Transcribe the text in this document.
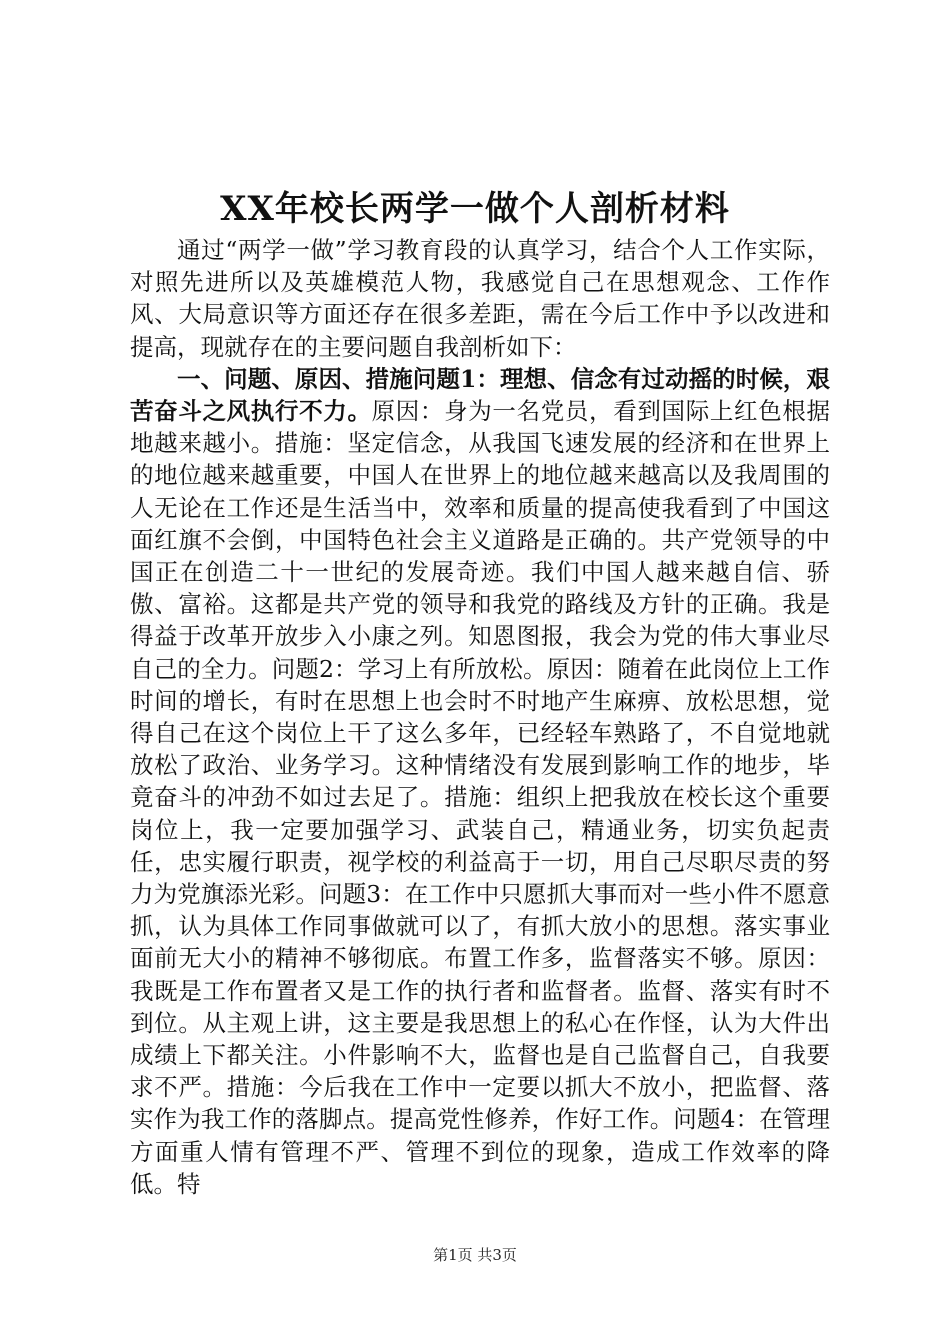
XX年校长两学一做个人剖析材料

通过“两学一做”学习教育段的认真学习，结合个人工作实际，对照先进所以及英雄模范人物，我感觉自己在思想观念、工作作风、大局意识等方面还存在很多差距，需在今后工作中予以改进和提高，现就存在的主要问题自我剖析如下：

一、问题、原因、措施问题1：理想、信念有过动摇的时候，艰苦奋斗之风执行不力。原因：身为一名党员，看到国际上红色根据地越来越小。措施：坚定信念，从我国飞速发展的经济和在世界上的地位越来越重要，中国人在世界上的地位越来越高以及我周围的人无论在工作还是生活当中，效率和质量的提高使我看到了中国这面红旗不会倒，中国特色社会主义道路是正确的。共产党领导的中国正在创造二十一世纪的发展奇迹。我们中国人越来越自信、骄傲、富裕。这都是共产党的领导和我党的路线及方针的正确。我是得益于改革开放步入小康之列。知恩图报，我会为党的伟大事业尽自己的全力。问题2：学习上有所放松。原因：随着在此岗位上工作时间的增长，有时在思想上也会时不时地产生麻痹、放松思想，觉得自己在这个岗位上干了这么多年，已经轻车熟路了，不自觉地就放松了政治、业务学习。这种情绪没有发展到影响工作的地步，毕竟奋斗的冲劲不如过去足了。措施：组织上把我放在校长这个重要岗位上，我一定要加强学习、武装自己，精通业务，切实负起责任，忠实履行职责，视学校的利益高于一切，用自己尽职尽责的努力为党旗添光彩。问题3：在工作中只愿抓大事而对一些小件不愿意抓，认为具体工作同事做就可以了，有抓大放小的思想。落实事业面前无大小的精神不够彻底。布置工作多，监督落实不够。原因：我既是工作布置者又是工作的执行者和监督者。监督、落实有时不到位。从主观上讲，这主要是我思想上的私心在作怪，认为大件出成绩上下都关注。小件影响不大，监督也是自己监督自己，自我要求不严。措施：今后我在工作中一定要以抓大不放小，把监督、落实作为我工作的落脚点。提高党性修养，作好工作。问题4：在管理方面重人情有管理不严、管理不到位的现象，造成工作效率的降低。特

第1页 共3页
